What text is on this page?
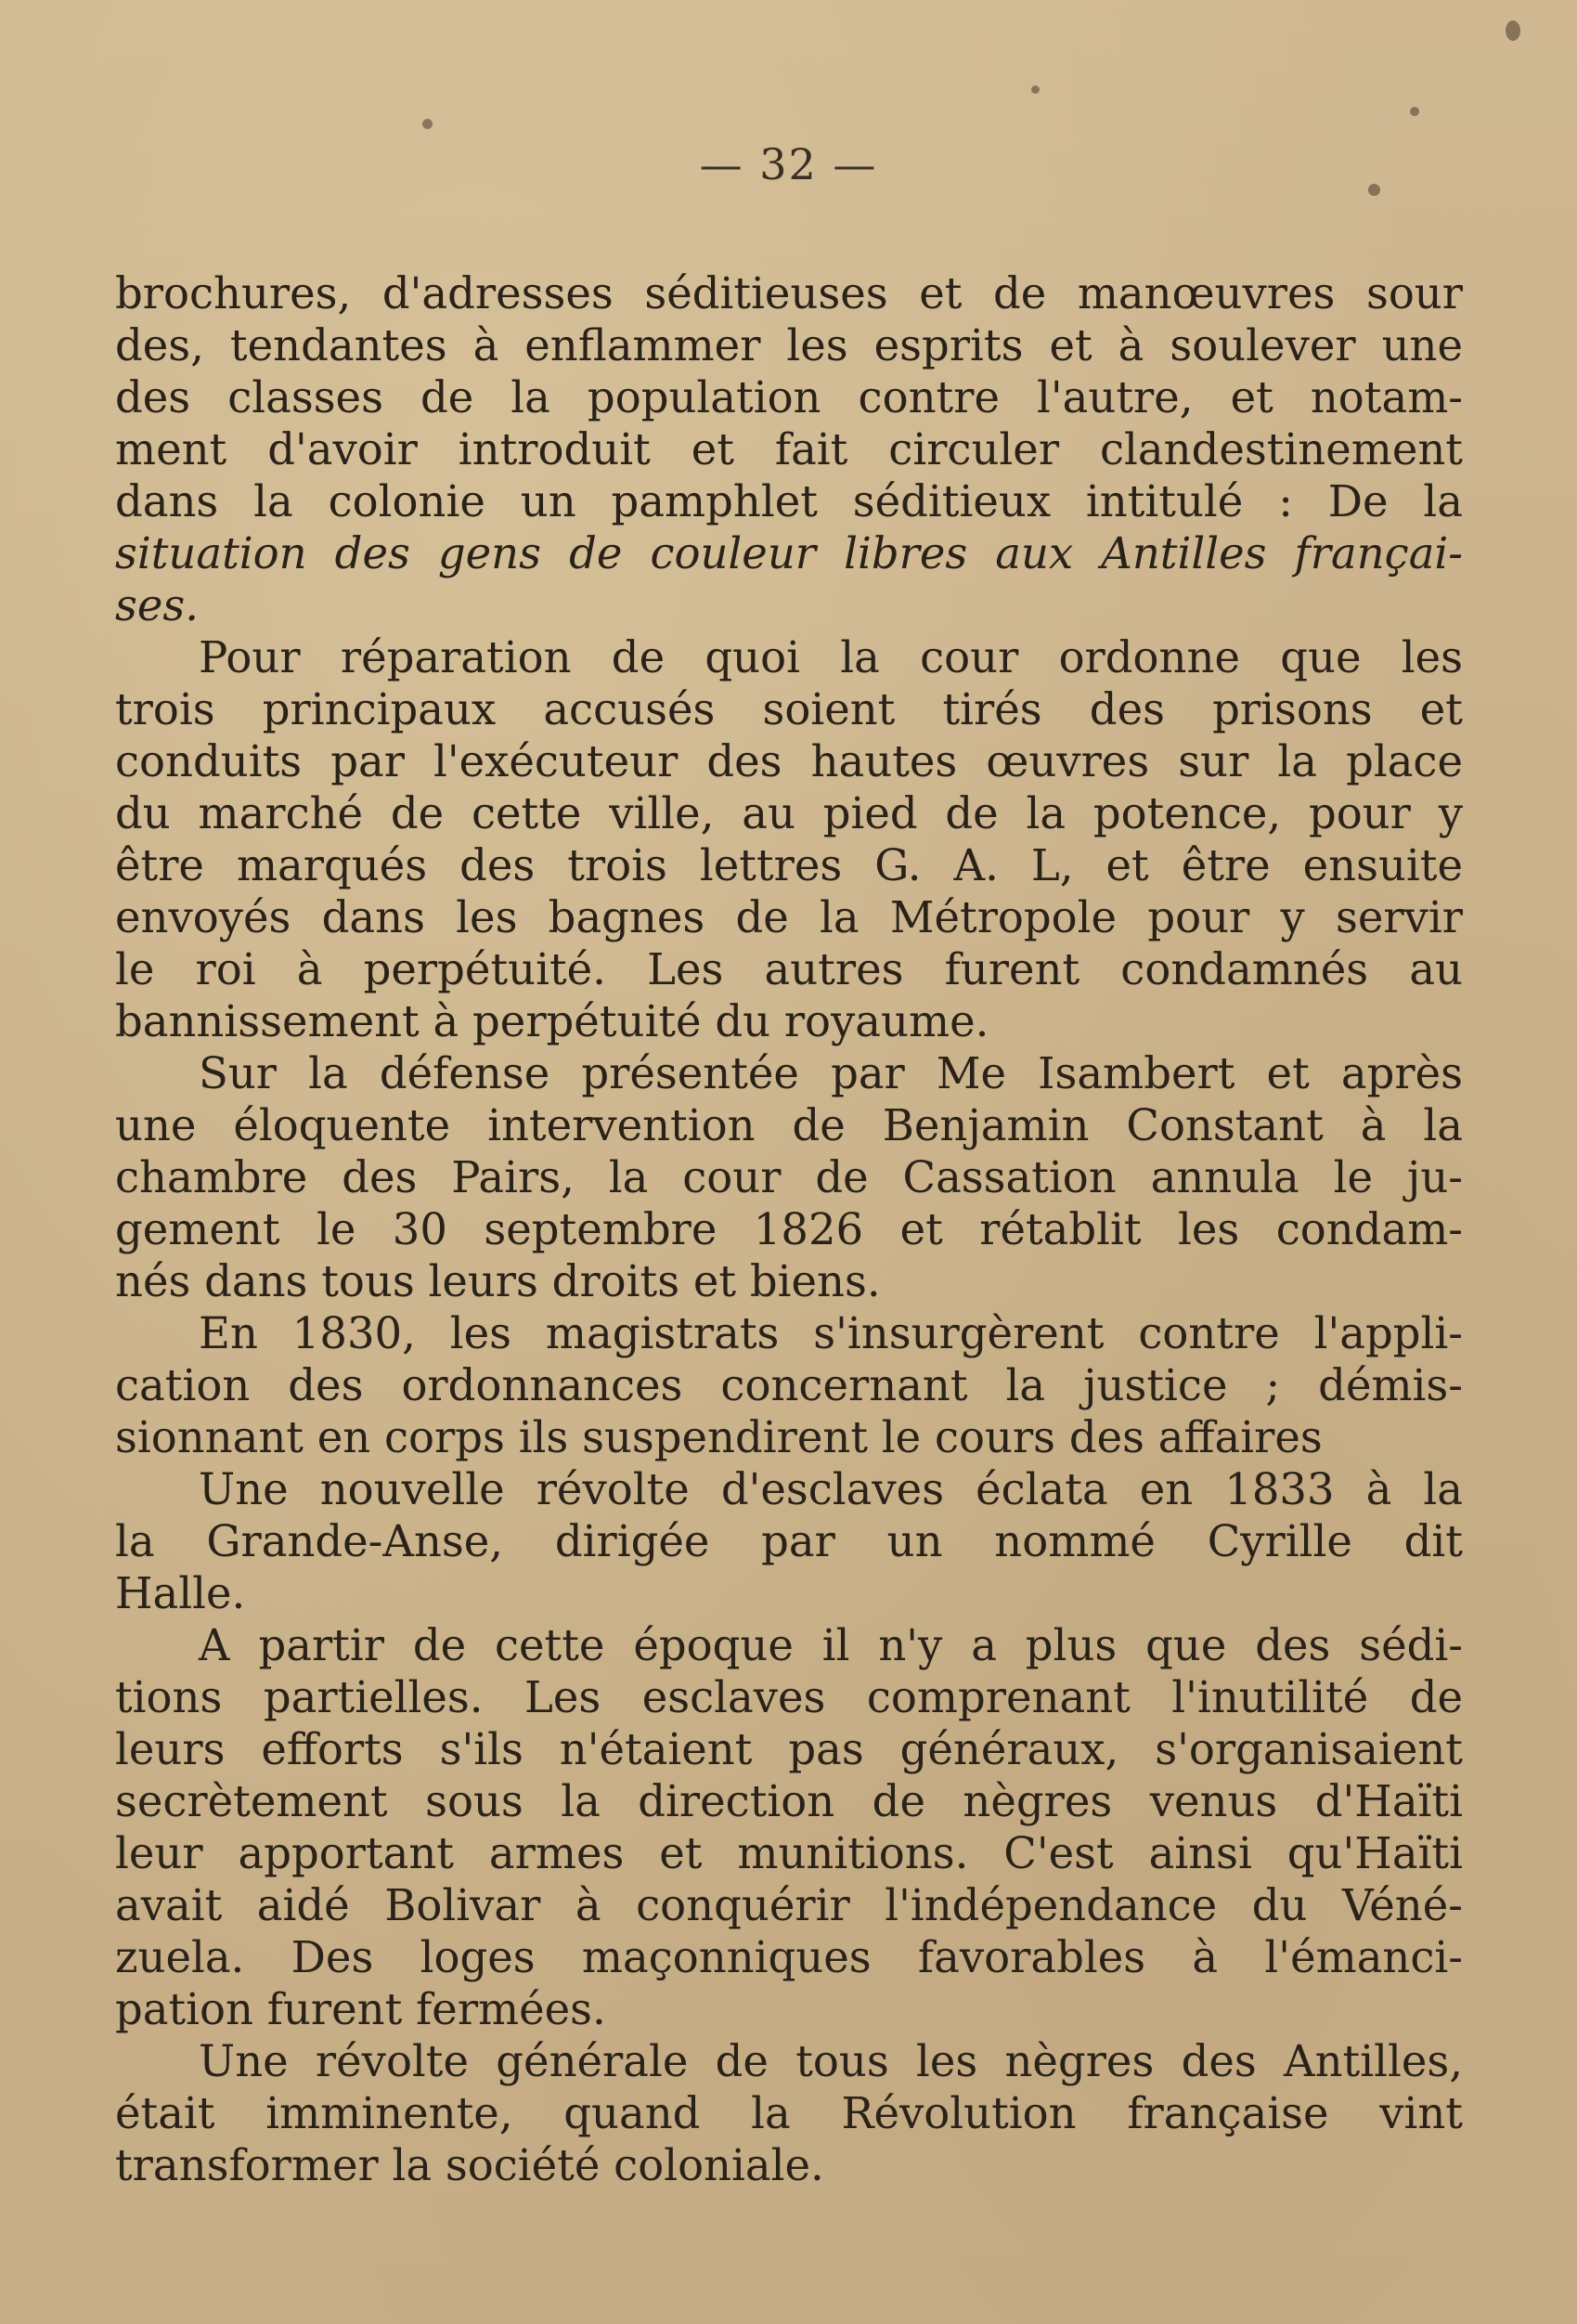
— 32 —
brochures, d'adresses séditieuses et de manœuvres sour
des, tendantes à enflammer les esprits et à soulever une
des classes de la population contre l'autre, et notam-
ment d'avoir introduit et fait circuler clandestinement
dans la colonie un pamphlet séditieux intitulé : De la
situation des gens de couleur libres aux Antilles françai-
ses.
Pour réparation de quoi la cour ordonne que les
trois principaux accusés soient tirés des prisons et
conduits par l'exécuteur des hautes œuvres sur la place
du marché de cette ville, au pied de la potence, pour y
être marqués des trois lettres G. A. L, et être ensuite
envoyés dans les bagnes de la Métropole pour y servir
le roi à perpétuité. Les autres furent condamnés au
bannissement à perpétuité du royaume.
Sur la défense présentée par Me Isambert et après
une éloquente intervention de Benjamin Constant à la
chambre des Pairs, la cour de Cassation annula le ju-
gement le 30 septembre 1826 et rétablit les condam-
nés dans tous leurs droits et biens.
En 1830, les magistrats s'insurgèrent contre l'appli-
cation des ordonnances concernant la justice ; démis-
sionnant en corps ils suspendirent le cours des affaires
Une nouvelle révolte d'esclaves éclata en 1833 à la
la Grande-Anse, dirigée par un nommé Cyrille dit
Halle.
A partir de cette époque il n'y a plus que des sédi-
tions partielles. Les esclaves comprenant l'inutilité de
leurs efforts s'ils n'étaient pas généraux, s'organisaient
secrètement sous la direction de nègres venus d'Haïti
leur apportant armes et munitions. C'est ainsi qu'Haïti
avait aidé Bolivar à conquérir l'indépendance du Véné-
zuela. Des loges maçonniques favorables à l'émanci-
pation furent fermées.
Une révolte générale de tous les nègres des Antilles,
était imminente, quand la Révolution française vint
transformer la société coloniale.
